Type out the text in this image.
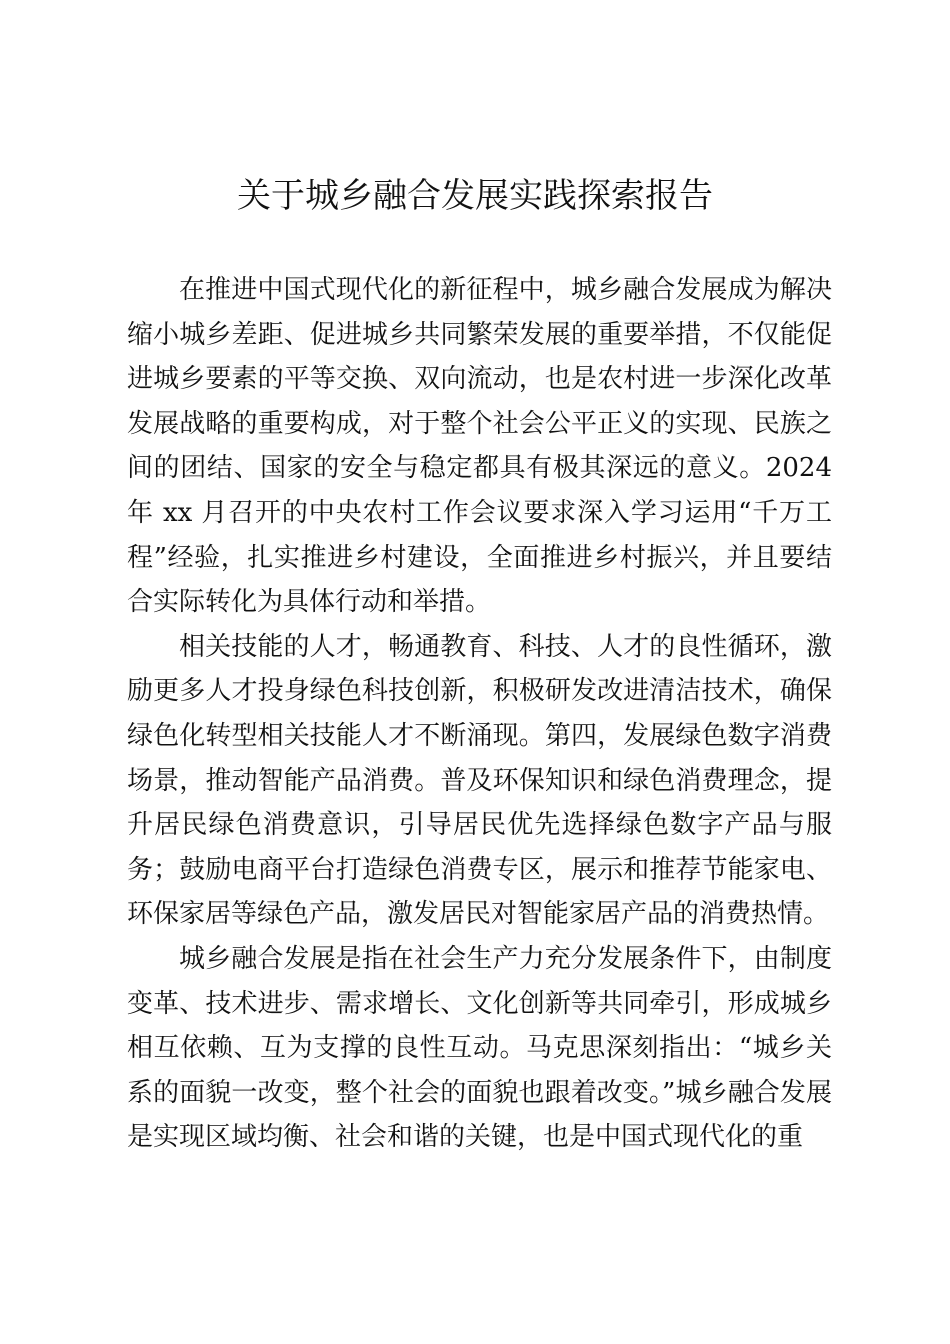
关于城乡融合发展实践探索报告

在推进中国式现代化的新征程中，城乡融合发展成为解决缩小城乡差距、促进城乡共同繁荣发展的重要举措，不仅能促进城乡要素的平等交换、双向流动，也是农村进一步深化改革发展战略的重要构成，对于整个社会公平正义的实现、民族之间的团结、国家的安全与稳定都具有极其深远的意义。2024 年 xx 月召开的中央农村工作会议要求深入学习运用“千万工程”经验，扎实推进乡村建设，全面推进乡村振兴，并且要结合实际转化为具体行动和举措。

相关技能的人才，畅通教育、科技、人才的良性循环，激励更多人才投身绿色科技创新，积极研发改进清洁技术，确保绿色化转型相关技能人才不断涌现。第四，发展绿色数字消费场景，推动智能产品消费。普及环保知识和绿色消费理念，提升居民绿色消费意识，引导居民优先选择绿色数字产品与服务；鼓励电商平台打造绿色消费专区，展示和推荐节能家电、环保家居等绿色产品，激发居民对智能家居产品的消费热情。

城乡融合发展是指在社会生产力充分发展条件下，由制度变革、技术进步、需求增长、文化创新等共同牵引，形成城乡相互依赖、互为支撑的良性互动。马克思深刻指出：“城乡关系的面貌一改变，整个社会的面貌也跟着改变。”城乡融合发展是实现区域均衡、社会和谐的关键，也是中国式现代化的重
